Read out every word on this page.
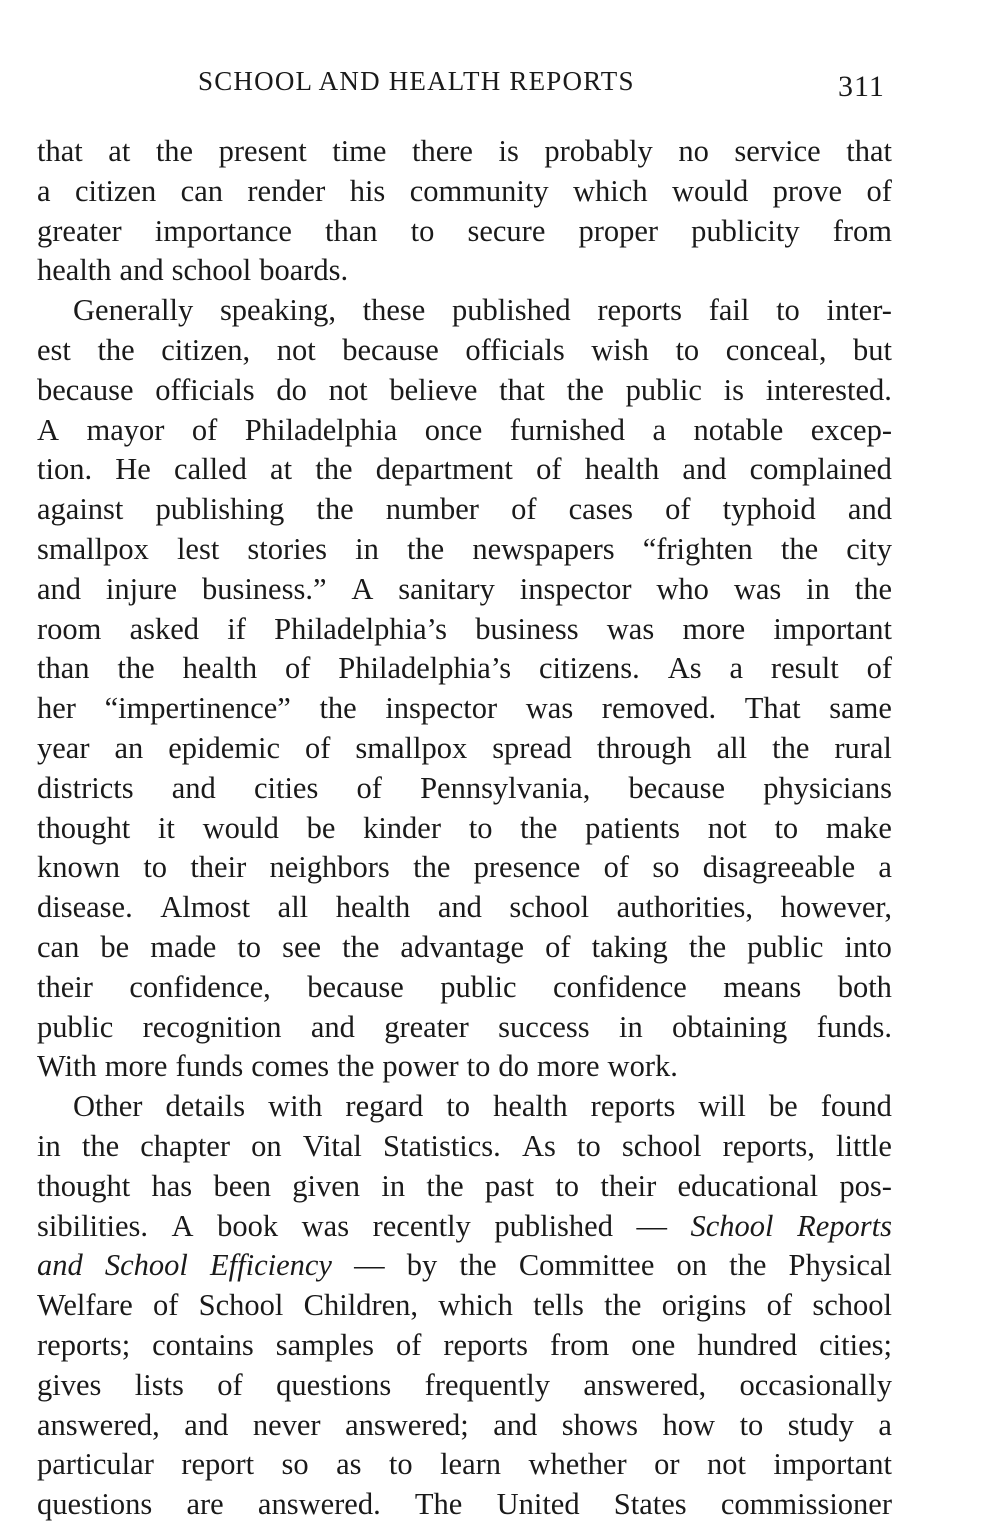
SCHOOL AND HEALTH REPORTS	311
that at the present time there is probably no service that
a citizen can render his community which would prove of
greater importance than to secure proper publicity from
health and school boards.
Generally speaking, these published reports fail to inter-
est the citizen, not because officials wish to conceal, but
because officials do not believe that the public is interested.
A mayor of Philadelphia once furnished a notable excep-
tion. He called at the department of health and complained
against publishing the number of cases of typhoid and
smallpox lest stories in the newspapers “frighten the city
and injure business.” A sanitary inspector who was in the
room asked if Philadelphia’s business was more important
than the health of Philadelphia’s citizens. As a result of
her “impertinence” the inspector was removed. That same
year an epidemic of smallpox spread through all the rural
districts and cities of Pennsylvania, because physicians
thought it would be kinder to the patients not to make
known to their neighbors the presence of so disagreeable a
disease. Almost all health and school authorities, however,
can be made to see the advantage of taking the public into
their confidence, because public confidence means both
public recognition and greater success in obtaining funds.
With more funds comes the power to do more work.
Other details with regard to health reports will be found
in the chapter on Vital Statistics. As to school reports, little
thought has been given in the past to their educational pos-
sibilities. A book was recently published — School Reports
and School Efficiency — by the Committee on the Physical
Welfare of School Children, which tells the origins of school
reports; contains samples of reports from one hundred cities;
gives lists of questions frequently answered, occasionally
answered, and never answered; and shows how to study a
particular report so as to learn whether or not important
questions are answered. The United States commissioner
